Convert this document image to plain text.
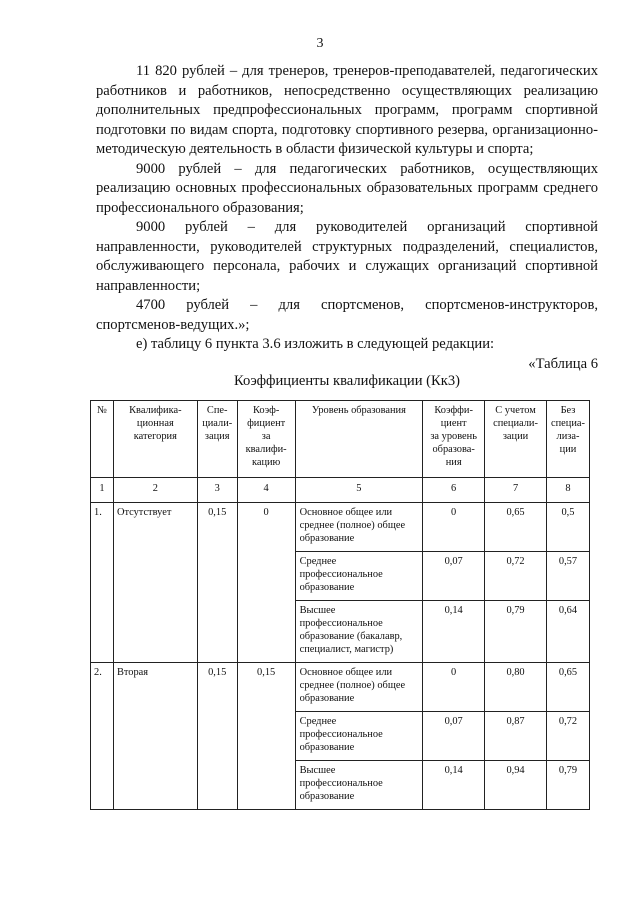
3

11 820 рублей – для тренеров, тренеров-преподавателей, педагогических работников и работников, непосредственно осуществляющих реализацию дополнительных предпрофессиональных программ, программ спортивной подготовки по видам спорта, подготовку спортивного резерва, организационно-методическую деятельность в области физической культуры и спорта;

9000 рублей – для педагогических работников, осуществляющих реализацию основных профессиональных образовательных программ среднего профессионального образования;

9000 рублей – для руководителей организаций спортивной направленности, руководителей структурных подразделений, специалистов, обслуживающего персонала, рабочих и служащих организаций спортивной направленности;

4700 рублей – для спортсменов, спортсменов-инструкторов, спортсменов-ведущих.»;

е) таблицу 6 пункта 3.6 изложить в следующей редакции:

«Таблица 6

Коэффициенты квалификации (Кк3)
№	Квалифика-
ционная
категория	Спе-
циали-
зация	Коэф-
фициент
за
квалифи-
кацию	Уровень образования	Коэффи-
циент
за уровень
образова-
ния	С учетом
специали-
зации	Без
специа-
лиза-
ции
1	2	3	4	5	6	7	8
1.	Отсутствует	0,15	0	Основное общее или среднее (полное) общее образование	0	0,65	0,5
				Среднее профессиональное образование	0,07	0,72	0,57
				Высшее профессиональное образование (бакалавр, специалист, магистр)	0,14	0,79	0,64
2.	Вторая	0,15	0,15	Основное общее или среднее (полное) общее образование	0	0,80	0,65
				Среднее профессиональное образование	0,07	0,87	0,72
				Высшее профессиональное образование	0,14	0,94	0,79
